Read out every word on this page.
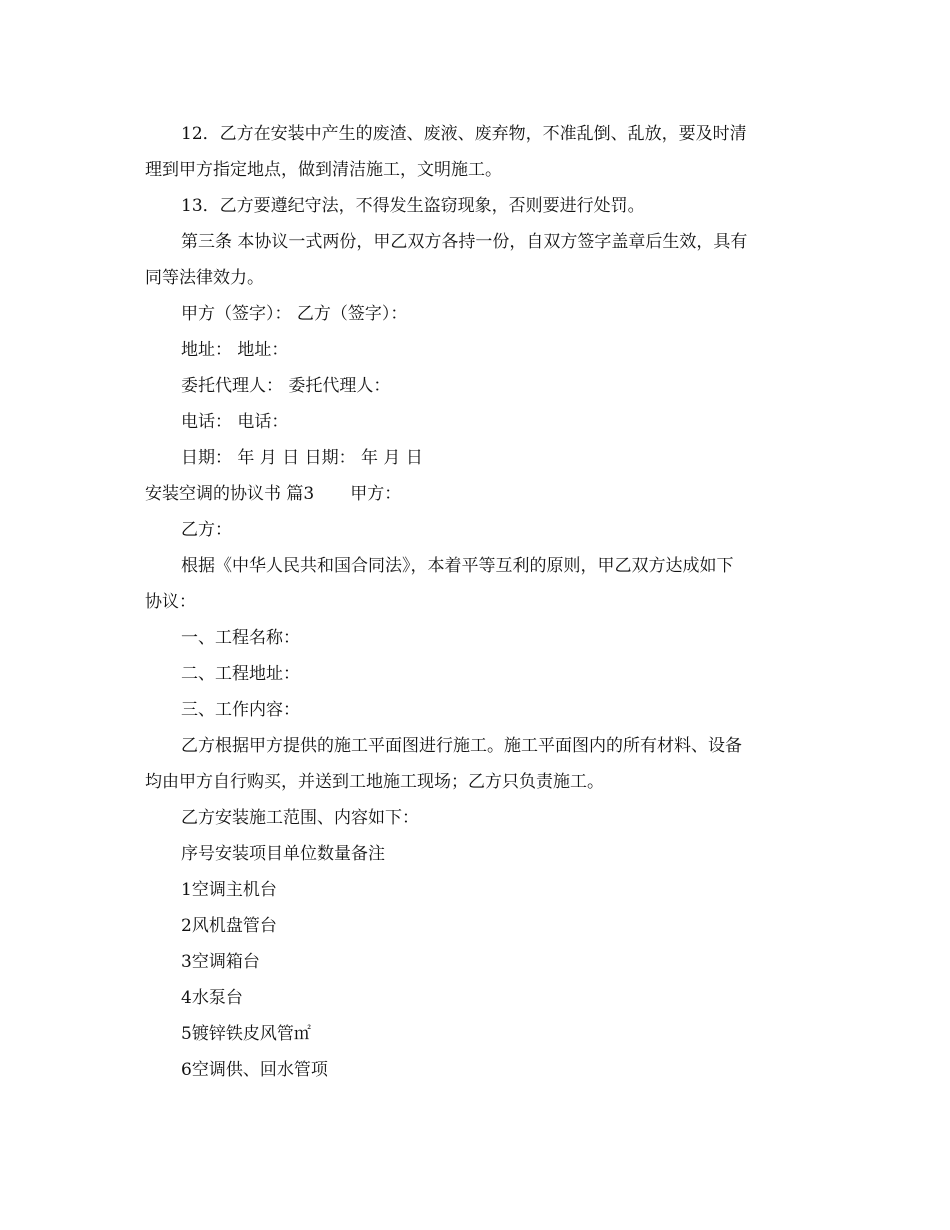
12．乙方在安装中产生的废渣、废液、废弃物，不准乱倒、乱放，要及时清
理到甲方指定地点，做到清洁施工，文明施工。
13．乙方要遵纪守法，不得发生盗窃现象，否则要进行处罚。
第三条 本协议一式两份，甲乙双方各持一份，自双方签字盖章后生效，具有
同等法律效力。
甲方（签字）： 乙方（签字）：
地址： 地址：
委托代理人： 委托代理人：
电话： 电话：
日期： 年 月 日 日期： 年 月 日
安装空调的协议书 篇3 甲方：
乙方：
根据《中华人民共和国合同法》，本着平等互利的原则，甲乙双方达成如下
协议：
一、工程名称：
二、工程地址：
三、工作内容：
乙方根据甲方提供的施工平面图进行施工。施工平面图内的所有材料、设备
均由甲方自行购买，并送到工地施工现场；乙方只负责施工。
乙方安装施工范围、内容如下：
序号安装项目单位数量备注
1空调主机台
2风机盘管台
3空调箱台
4水泵台
5镀锌铁皮风管㎡
6空调供、回水管项
